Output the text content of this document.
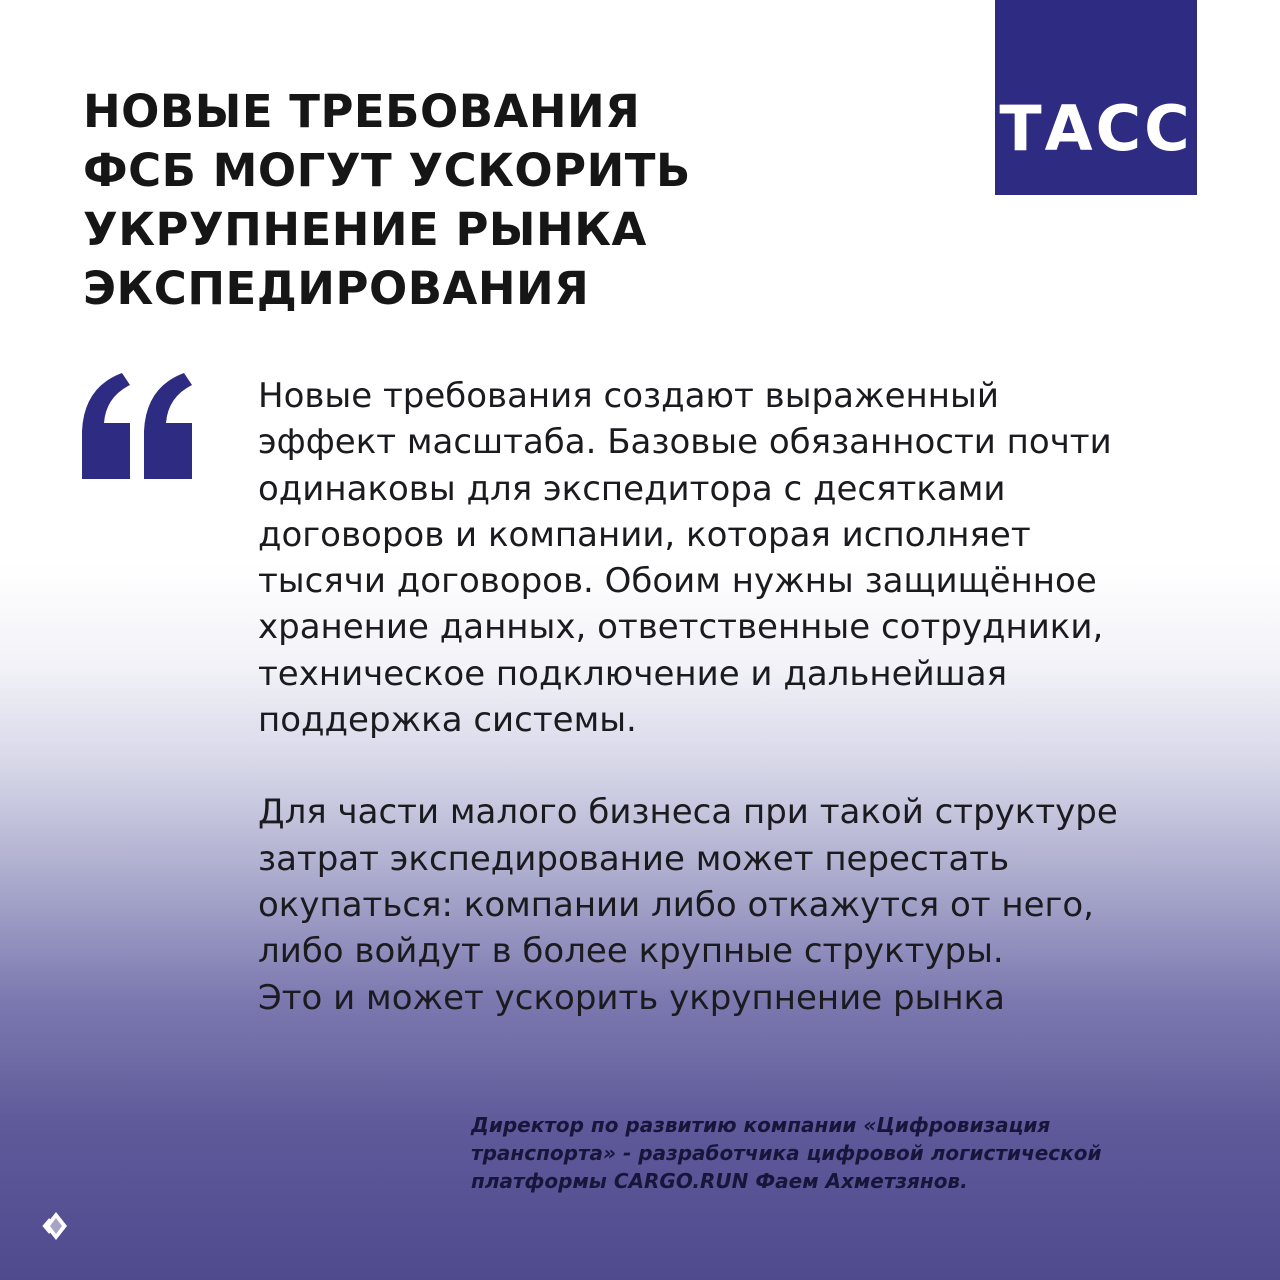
НОВЫЕ ТРЕБОВАНИЯ
ФСБ МОГУТ УСКОРИТЬ
УКРУПНЕНИЕ РЫНКА
ЭКСПЕДИРОВАНИЯ
ТАСС
Новые требования создают выраженный
эффект масштаба. Базовые обязанности почти
одинаковы для экспедитора с десятками
договоров и компании, которая исполняет
тысячи договоров. Обоим нужны защищённое
хранение данных, ответственные сотрудники,
техническое подключение и дальнейшая
поддержка системы.
Для части малого бизнеса при такой структуре
затрат экспедирование может перестать
окупаться: компании либо откажутся от него,
либо войдут в более крупные структуры.
Это и может ускорить укрупнение рынка
Директор по развитию компании «Цифровизация
транспорта» - разработчика цифровой логистической
платформы CARGO.RUN Фаем Ахметзянов.
